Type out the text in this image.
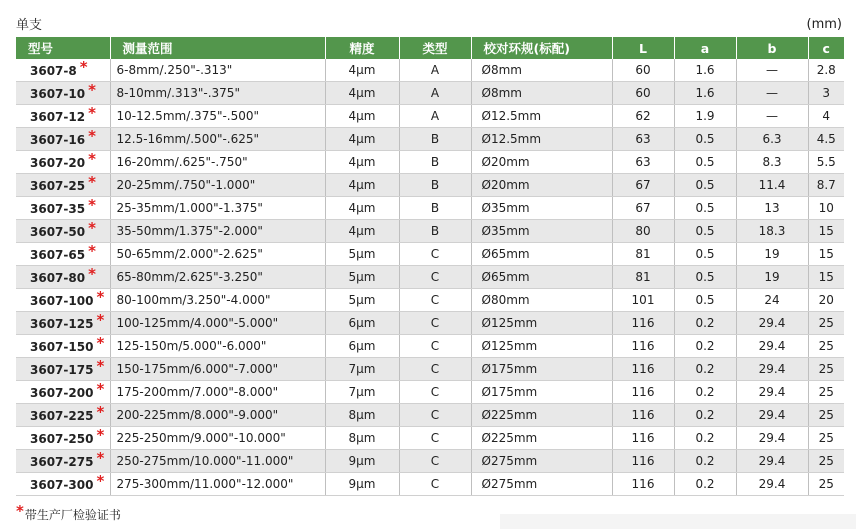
单支	(mm)
型号	测量范围	精度	类型	校对环规(标配)	L	a	b	c
3607-8 *	6-8mm/.250"-.313"	4µm	A	Ø8mm	60	1.6	—	2.8
3607-10 *	8-10mm/.313"-.375"	4µm	A	Ø8mm	60	1.6	—	3
3607-12 *	10-12.5mm/.375"-.500"	4µm	A	Ø12.5mm	62	1.9	—	4
3607-16 *	12.5-16mm/.500"-.625"	4µm	B	Ø12.5mm	63	0.5	6.3	4.5
3607-20 *	16-20mm/.625"-.750"	4µm	B	Ø20mm	63	0.5	8.3	5.5
3607-25 *	20-25mm/.750"-1.000"	4µm	B	Ø20mm	67	0.5	11.4	8.7
3607-35 *	25-35mm/1.000"-1.375"	4µm	B	Ø35mm	67	0.5	13	10
3607-50 *	35-50mm/1.375"-2.000"	4µm	B	Ø35mm	80	0.5	18.3	15
3607-65 *	50-65mm/2.000"-2.625"	5µm	C	Ø65mm	81	0.5	19	15
3607-80 *	65-80mm/2.625"-3.250"	5µm	C	Ø65mm	81	0.5	19	15
3607-100 *	80-100mm/3.250"-4.000"	5µm	C	Ø80mm	101	0.5	24	20
3607-125 *	100-125mm/4.000"-5.000"	6µm	C	Ø125mm	116	0.2	29.4	25
3607-150 *	125-150m/5.000"-6.000"	6µm	C	Ø125mm	116	0.2	29.4	25
3607-175 *	150-175mm/6.000"-7.000"	7µm	C	Ø175mm	116	0.2	29.4	25
3607-200 *	175-200mm/7.000"-8.000"	7µm	C	Ø175mm	116	0.2	29.4	25
3607-225 *	200-225mm/8.000"-9.000"	8µm	C	Ø225mm	116	0.2	29.4	25
3607-250 *	225-250mm/9.000"-10.000"	8µm	C	Ø225mm	116	0.2	29.4	25
3607-275 *	250-275mm/10.000"-11.000"	9µm	C	Ø275mm	116	0.2	29.4	25
3607-300 *	275-300mm/11.000"-12.000"	9µm	C	Ø275mm	116	0.2	29.4	25
*带生产厂检验证书
